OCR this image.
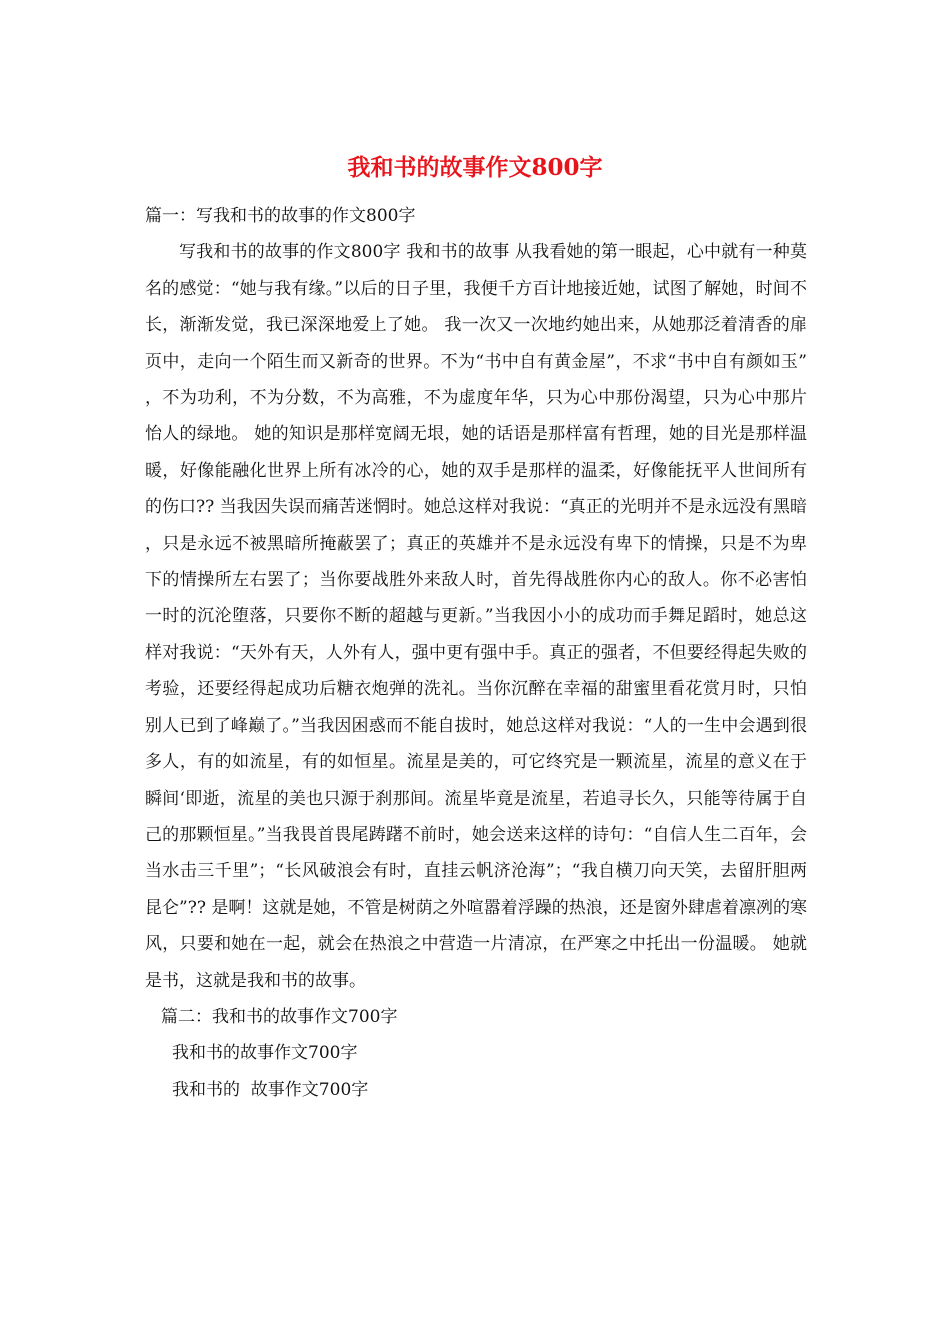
我和书的故事作文800字

篇一：写我和书的故事的作文800字

写我和书的故事的作文800字 我和书的故事 从我看她的第一眼起，心中就有一种莫名的感觉：“她与我有缘。”以后的日子里，我便千方百计地接近她，试图了解她，时间不长，渐渐发觉，我已深深地爱上了她。 我一次又一次地约她出来，从她那泛着清香的扉页中，走向一个陌生而又新奇的世界。不为“书中自有黄金屋”，不求“书中自有颜如玉”，不为功利，不为分数，不为高雅，不为虚度年华，只为心中那份渴望，只为心中那片怡人的绿地。 她的知识是那样宽阔无垠，她的话语是那样富有哲理，她的目光是那样温暖，好像能融化世界上所有冰冷的心，她的双手是那样的温柔，好像能抚平人世间所有的伤口?? 当我因失误而痛苦迷惘时。她总这样对我说：“真正的光明并不是永远没有黑暗，只是永远不被黑暗所掩蔽罢了；真正的英雄并不是永远没有卑下的情操，只是不为卑下的情操所左右罢了；当你要战胜外来敌人时，首先得战胜你内心的敌人。你不必害怕一时的沉沦堕落，只要你不断的超越与更新。”当我因小小的成功而手舞足蹈时，她总这样对我说：“天外有天，人外有人，强中更有强中手。真正的强者，不但要经得起失败的考验，还要经得起成功后糖衣炮弹的洗礼。当你沉醉在幸福的甜蜜里看花赏月时，只怕别人已到了峰巅了。”当我因困惑而不能自拔时，她总这样对我说：“人的一生中会遇到很多人，有的如流星，有的如恒星。流星是美的，可它终究是一颗流星，流星的意义在于瞬间‘即逝，流星的美也只源于刹那间。流星毕竟是流星，若追寻长久，只能等待属于自己的那颗恒星。”当我畏首畏尾踌躇不前时，她会送来这样的诗句：“自信人生二百年，会当水击三千里”；“长风破浪会有时，直挂云帆济沧海”；“我自横刀向天笑，去留肝胆两昆仑”?? 是啊！这就是她，不管是树荫之外喧嚣着浮躁的热浪，还是窗外肆虐着凛冽的寒风，只要和她在一起，就会在热浪之中营造一片清凉，在严寒之中托出一份温暖。 她就是书，这就是我和书的故事。

篇二：我和书的故事作文700字

我和书的故事作文700字

我和书的  故事作文700字
